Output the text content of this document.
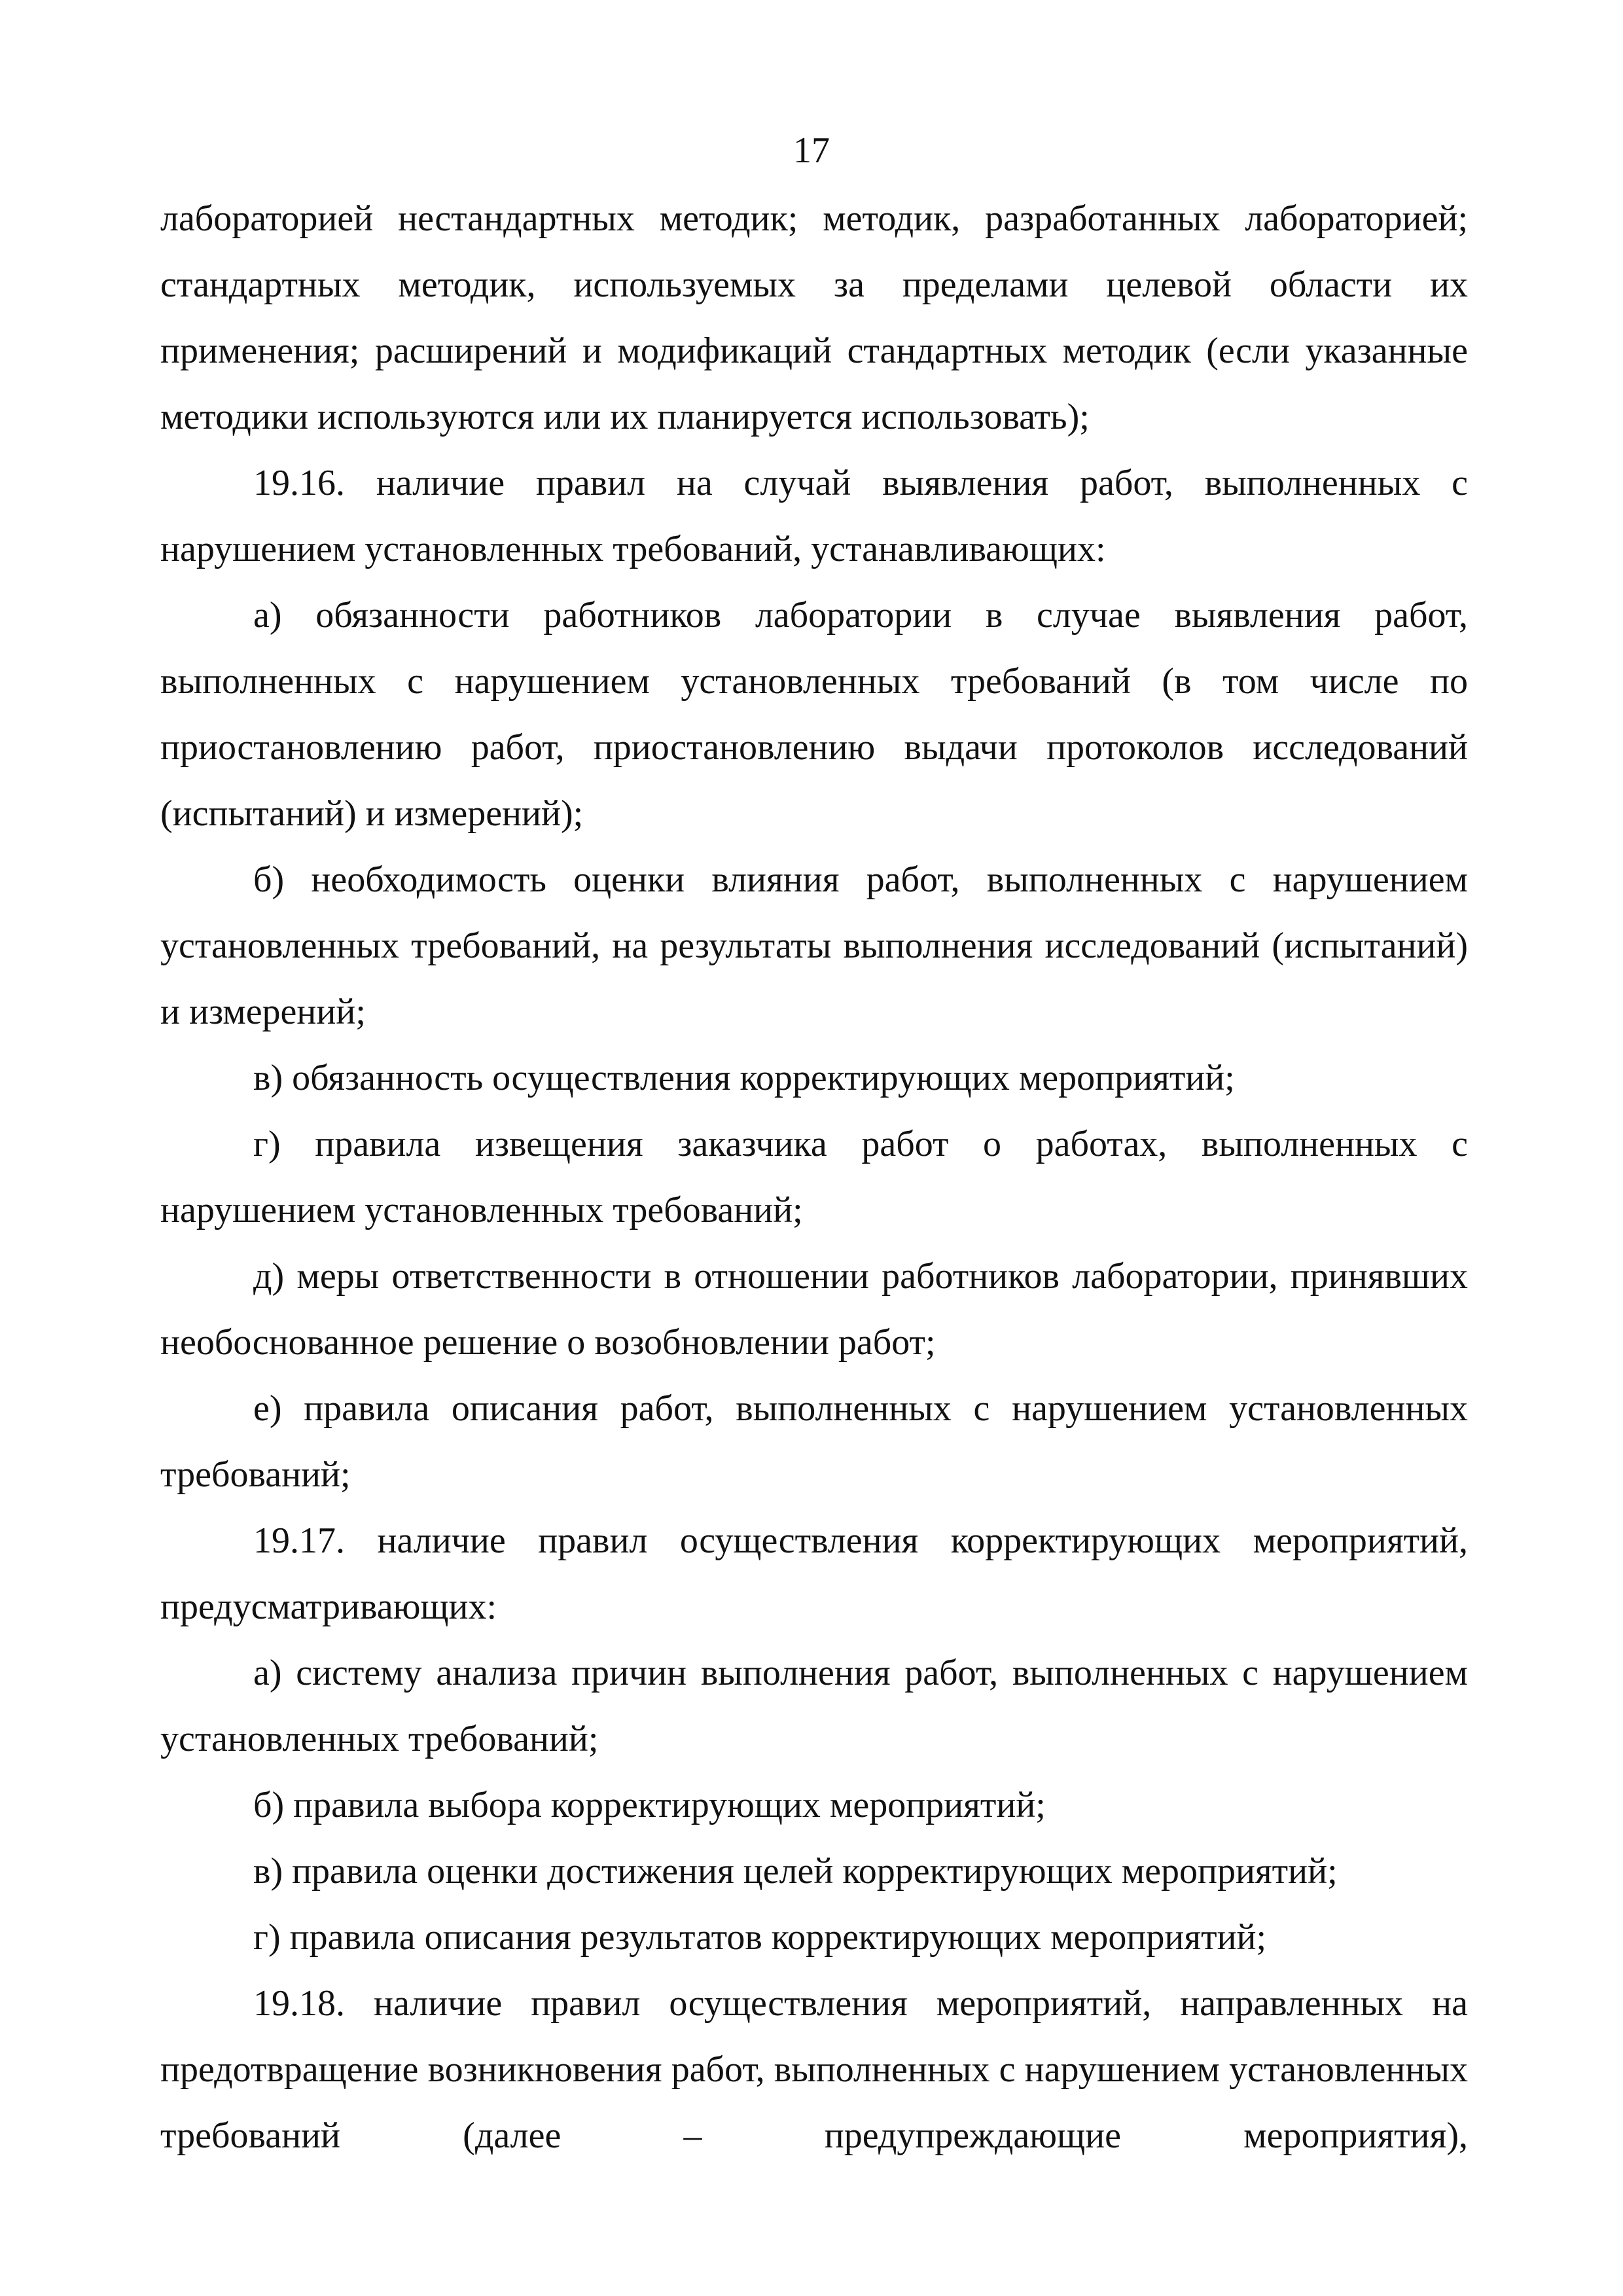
17

лабораторией нестандартных методик; методик, разработанных лабораторией; стандартных методик, используемых за пределами целевой области их применения; расширений и модификаций стандартных методик (если указанные методики используются или их планируется использовать);

19.16. наличие правил на случай выявления работ, выполненных с нарушением установленных требований, устанавливающих:

а) обязанности работников лаборатории в случае выявления работ, выполненных с нарушением установленных требований (в том числе по приостановлению работ, приостановлению выдачи протоколов исследований (испытаний) и измерений);

б) необходимость оценки влияния работ, выполненных с нарушением установленных требований, на результаты выполнения исследований (испытаний) и измерений;

в) обязанность осуществления корректирующих мероприятий;

г) правила извещения заказчика работ о работах, выполненных с нарушением установленных требований;

д) меры ответственности в отношении работников лаборатории, принявших необоснованное решение о возобновлении работ;

е) правила описания работ, выполненных с нарушением установленных требований;

19.17. наличие правил осуществления корректирующих мероприятий, предусматривающих:

а) систему анализа причин выполнения работ, выполненных с нарушением установленных требований;

б) правила выбора корректирующих мероприятий;

в) правила оценки достижения целей корректирующих мероприятий;

г) правила описания результатов корректирующих мероприятий;

19.18. наличие правил осуществления мероприятий, направленных на предотвращение возникновения работ, выполненных с нарушением установленных требований (далее – предупреждающие мероприятия),
